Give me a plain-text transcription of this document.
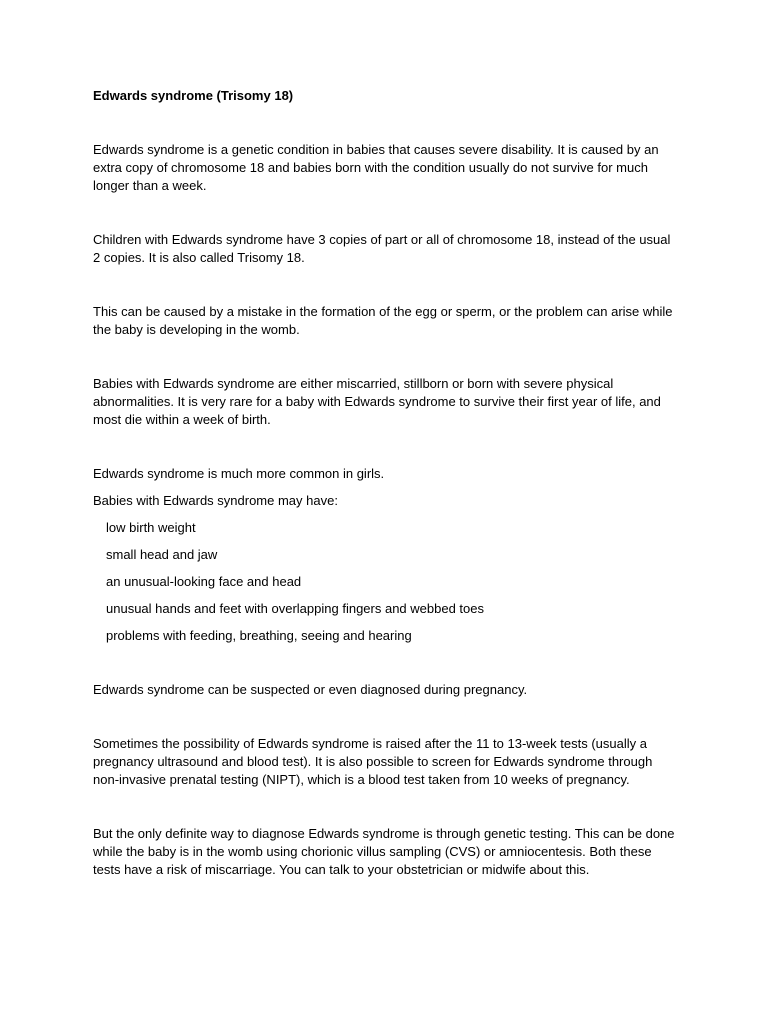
Edwards syndrome (Trisomy 18)

Edwards syndrome is a genetic condition in babies that causes severe disability. It is caused by an extra copy of chromosome 18 and babies born with the condition usually do not survive for much longer than a week.

Children with Edwards syndrome have 3 copies of part or all of chromosome 18, instead of the usual 2 copies. It is also called Trisomy 18.

This can be caused by a mistake in the formation of the egg or sperm, or the problem can arise while the baby is developing in the womb.

Babies with Edwards syndrome are either miscarried, stillborn or born with severe physical abnormalities. It is very rare for a baby with Edwards syndrome to survive their first year of life, and most die within a week of birth.

Edwards syndrome is much more common in girls.

Babies with Edwards syndrome may have:

low birth weight
small head and jaw
an unusual-looking face and head
unusual hands and feet with overlapping fingers and webbed toes
problems with feeding, breathing, seeing and hearing

Edwards syndrome can be suspected or even diagnosed during pregnancy.

Sometimes the possibility of Edwards syndrome is raised after the 11 to 13-week tests (usually a pregnancy ultrasound and blood test). It is also possible to screen for Edwards syndrome through non-invasive prenatal testing (NIPT), which is a blood test taken from 10 weeks of pregnancy.

But the only definite way to diagnose Edwards syndrome is through genetic testing. This can be done while the baby is in the womb using chorionic villus sampling (CVS) or amniocentesis. Both these tests have a risk of miscarriage. You can talk to your obstetrician or midwife about this.
